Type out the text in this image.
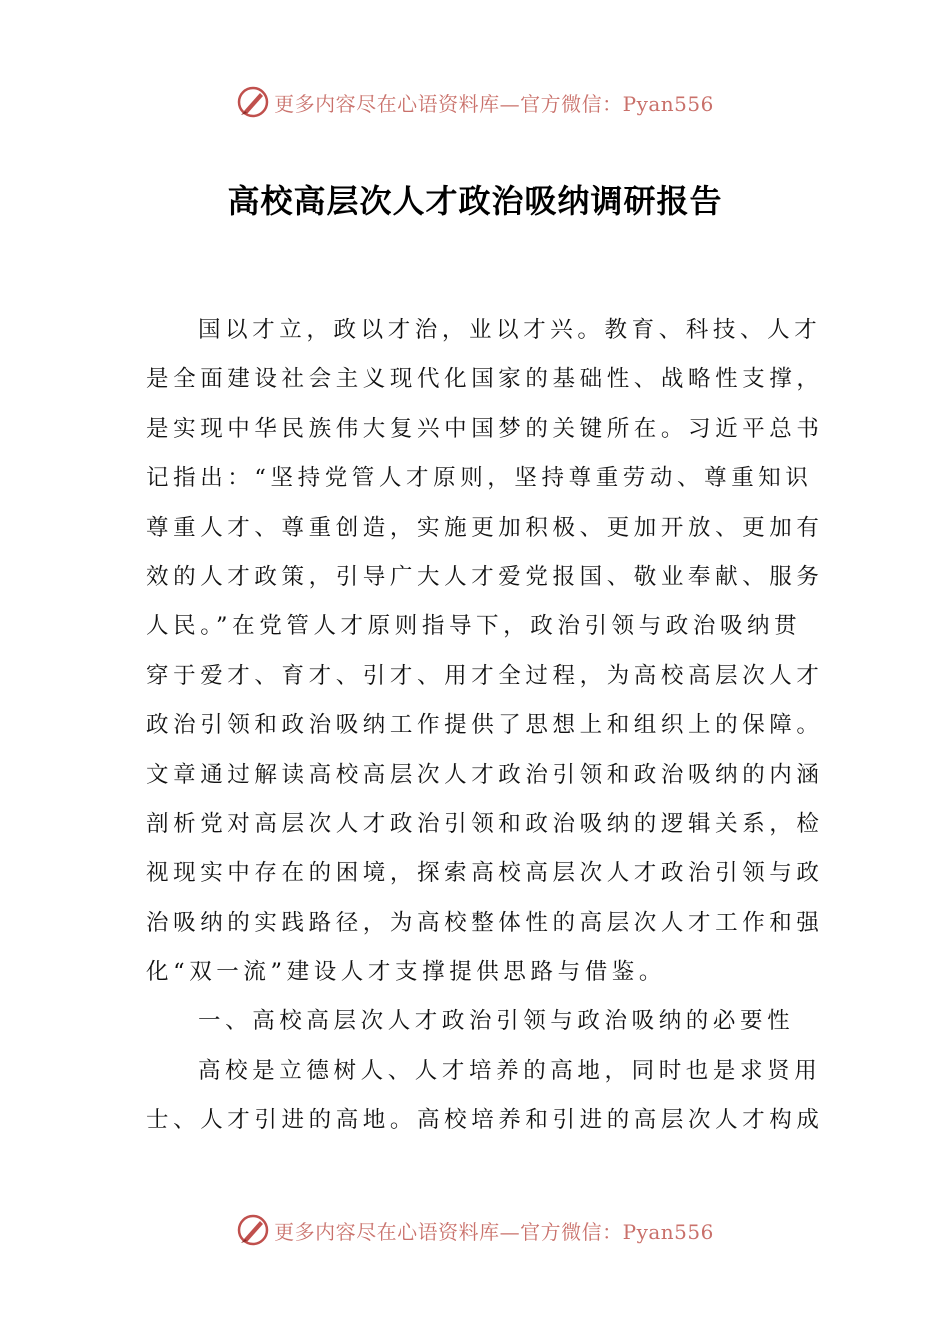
更多内容尽在心语资料库—官方微信：Pyan556
高校高层次人才政治吸纳调研报告
国以才立，政以才治，业以才兴。教育、科技、人才
是全面建设社会主义现代化国家的基础性、战略性支撑，
是实现中华民族伟大复兴中国梦的关键所在。习近平总书
记指出：“坚持党管人才原则，坚持尊重劳动、尊重知识
尊重人才、尊重创造，实施更加积极、更加开放、更加有
效的人才政策，引导广大人才爱党报国、敬业奉献、服务
人民。”在党管人才原则指导下，政治引领与政治吸纳贯
穿于爱才、育才、引才、用才全过程，为高校高层次人才
政治引领和政治吸纳工作提供了思想上和组织上的保障。
文章通过解读高校高层次人才政治引领和政治吸纳的内涵
剖析党对高层次人才政治引领和政治吸纳的逻辑关系，检
视现实中存在的困境，探索高校高层次人才政治引领与政
治吸纳的实践路径，为高校整体性的高层次人才工作和强
化“双一流”建设人才支撑提供思路与借鉴。
一、高校高层次人才政治引领与政治吸纳的必要性
高校是立德树人、人才培养的高地，同时也是求贤用
士、人才引进的高地。高校培养和引进的高层次人才构成
更多内容尽在心语资料库—官方微信：Pyan556
